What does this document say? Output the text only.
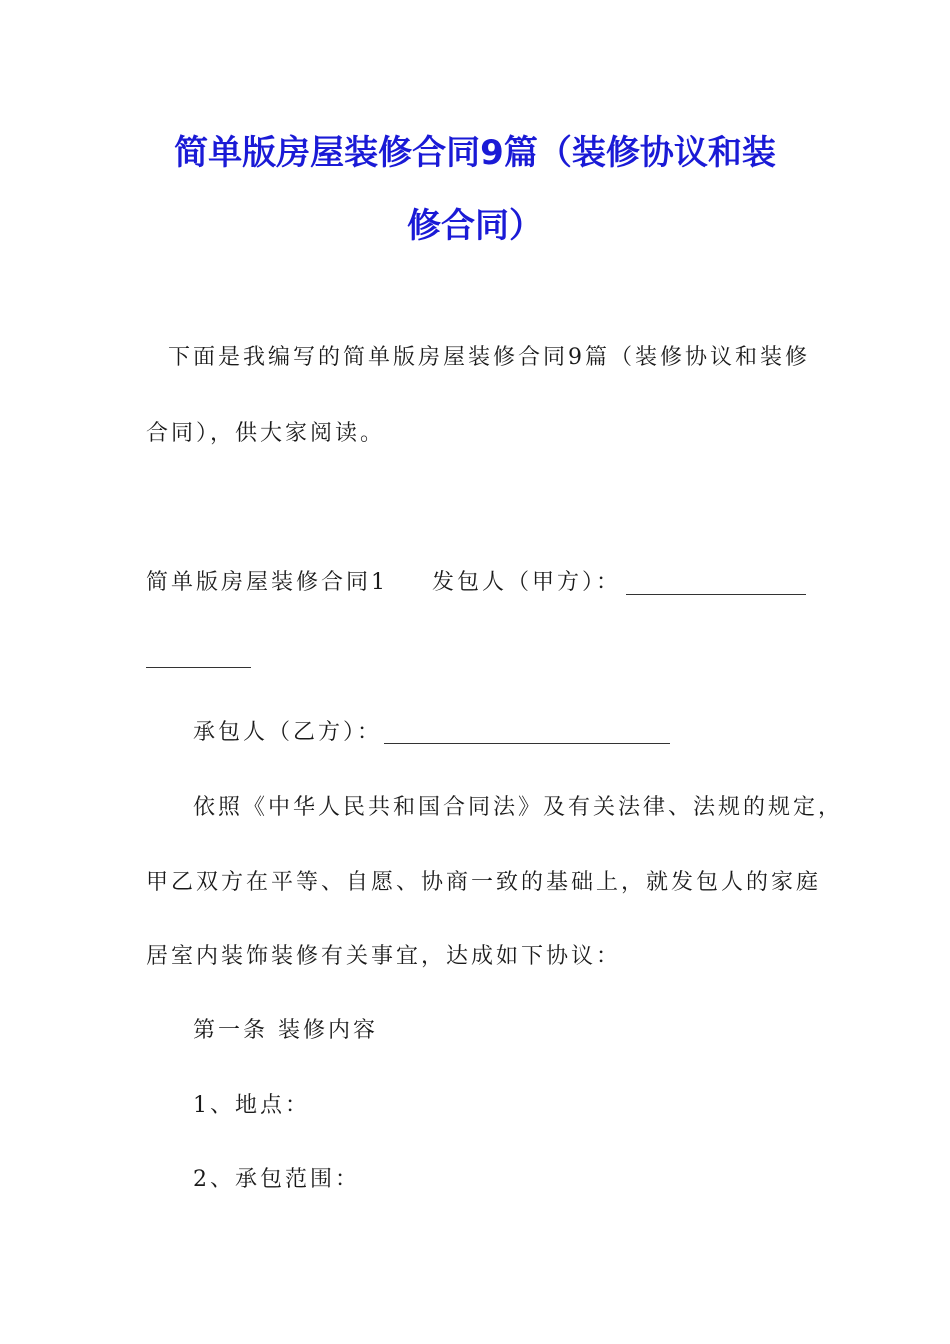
简单版房屋装修合同9篇（装修协议和装
修合同）
下面是我编写的简单版房屋装修合同9篇（装修协议和装修
合同），供大家阅读。
简单版房屋装修合同1 发包人（甲方）：
承包人（乙方）：
依照《中华人民共和国合同法》及有关法律、法规的规定，
甲乙双方在平等、自愿、协商一致的基础上，就发包人的家庭
居室内装饰装修有关事宜，达成如下协议：
第一条 装修内容
1、地点：
2、承包范围：
